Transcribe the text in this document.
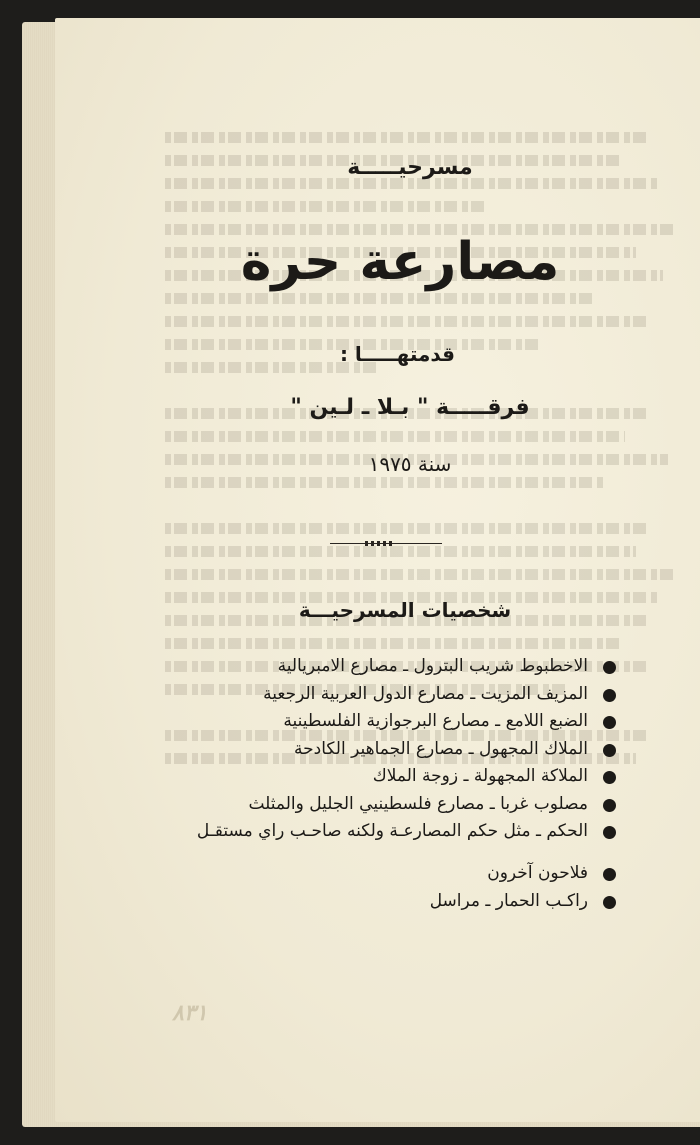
مسرحيـــــة
مصارعة حرة
قدمتهـــــا :
فرقـــــة " بـلا ـ لـين "
سنة ١٩٧٥
شخصيات المسرحيـــة
الاخطبوط شريب البترول ـ مصارع الامبريالية
المزيف المزيت ـ مصارع الدول العربية الرجعية
الضبع اللامع ـ مصارع البرجوازية الفلسطينية
الملاك المجهول ـ مصارع الجماهير الكادحة
الملاكة المجهولة ـ زوجة الملاك
مصلوب غربا ـ مصارع فلسطينيي الجليل والمثلث
الحكم ـ مثل حكم المصارعـة ولكنه صاحـب راي مستقـل
فلاحون آخرون
راكـب الحمار ـ مراسل
٨٣١
